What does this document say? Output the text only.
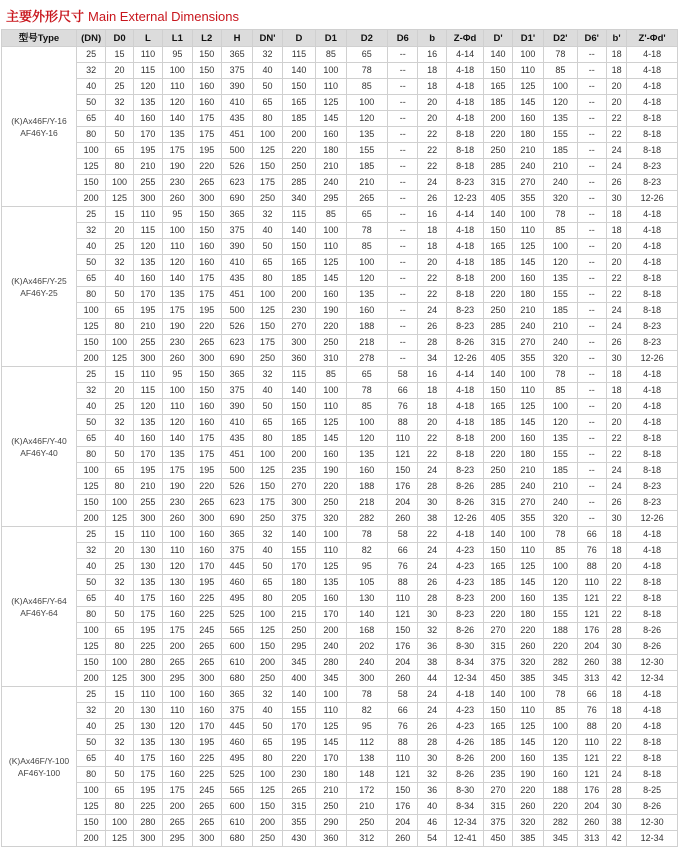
主要外形尺寸 Main External Dimensions
型号Type	(DN)	D0	L	L1	L2	H	DN'	D	D1	D2	D6	b	Z-Φd	D'	D1'	D2'	D6'	b'	Z'-Φd'

(K)Ax46F/Y-16
AF46Y-16	25	15	110	95	150	365	32	115	85	65	--	16	4-14	140	100	78	--	18	4-18
	32	20	115	100	150	375	40	140	100	78	--	18	4-18	150	110	85	--	18	4-18
	40	25	120	110	160	390	50	150	110	85	--	18	4-18	165	125	100	--	20	4-18
	50	32	135	120	160	410	65	165	125	100	--	20	4-18	185	145	120	--	20	4-18
	65	40	160	140	175	435	80	185	145	120	--	20	4-18	200	160	135	--	22	8-18
	80	50	170	135	175	451	100	200	160	135	--	22	8-18	220	180	155	--	22	8-18
	100	65	195	175	195	500	125	220	180	155	--	22	8-18	250	210	185	--	24	8-18
	125	80	210	190	220	526	150	250	210	185	--	22	8-18	285	240	210	--	24	8-23
	150	100	255	230	265	623	175	285	240	210	--	24	8-23	315	270	240	--	26	8-23
	200	125	300	260	300	690	250	340	295	265	--	26	12-23	405	355	320	--	30	12-26

(K)Ax46F/Y-25
AF46Y-25	25	15	110	95	150	365	32	115	85	65	--	16	4-14	140	100	78	--	18	4-18
	32	20	115	100	150	375	40	140	100	78	--	18	4-18	150	110	85	--	18	4-18
	40	25	120	110	160	390	50	150	110	85	--	18	4-18	165	125	100	--	20	4-18
	50	32	135	120	160	410	65	165	125	100	--	20	4-18	185	145	120	--	20	4-18
	65	40	160	140	175	435	80	185	145	120	--	22	8-18	200	160	135	--	22	8-18
	80	50	170	135	175	451	100	200	160	135	--	22	8-18	220	180	155	--	22	8-18
	100	65	195	175	195	500	125	230	190	160	--	24	8-23	250	210	185	--	24	8-18
	125	80	210	190	220	526	150	270	220	188	--	26	8-23	285	240	210	--	24	8-23
	150	100	255	230	265	623	175	300	250	218	--	28	8-26	315	270	240	--	26	8-23
	200	125	300	260	300	690	250	360	310	278	--	34	12-26	405	355	320	--	30	12-26

(K)Ax46F/Y-40
AF46Y-40	25	15	110	95	150	365	32	115	85	65	58	16	4-14	140	100	78	--	18	4-18
	32	20	115	100	150	375	40	140	100	78	66	18	4-18	150	110	85	--	18	4-18
	40	25	120	110	160	390	50	150	110	85	76	18	4-18	165	125	100	--	20	4-18
	50	32	135	120	160	410	65	165	125	100	88	20	4-18	185	145	120	--	20	4-18
	65	40	160	140	175	435	80	185	145	120	110	22	8-18	200	160	135	--	22	8-18
	80	50	170	135	175	451	100	200	160	135	121	22	8-18	220	180	155	--	22	8-18
	100	65	195	175	195	500	125	235	190	160	150	24	8-23	250	210	185	--	24	8-18
	125	80	210	190	220	526	150	270	220	188	176	28	8-26	285	240	210	--	24	8-23
	150	100	255	230	265	623	175	300	250	218	204	30	8-26	315	270	240	--	26	8-23
	200	125	300	260	300	690	250	375	320	282	260	38	12-26	405	355	320	--	30	12-26

(K)Ax46F/Y-64
AF46Y-64	25	15	110	100	160	365	32	140	100	78	58	22	4-18	140	100	78	66	18	4-18
	32	20	130	110	160	375	40	155	110	82	66	24	4-23	150	110	85	76	18	4-18
	40	25	130	120	170	445	50	170	125	95	76	24	4-23	165	125	100	88	20	4-18
	50	32	135	130	195	460	65	180	135	105	88	26	4-23	185	145	120	110	22	8-18
	65	40	175	160	225	495	80	205	160	130	110	28	8-23	200	160	135	121	22	8-18
	80	50	175	160	225	525	100	215	170	140	121	30	8-23	220	180	155	121	22	8-18
	100	65	195	175	245	565	125	250	200	168	150	32	8-26	270	220	188	176	28	8-26
	125	80	225	200	265	600	150	295	240	202	176	36	8-30	315	260	220	204	30	8-26
	150	100	280	265	265	610	200	345	280	240	204	38	8-34	375	320	282	260	38	12-30
	200	125	300	295	300	680	250	400	345	300	260	44	12-34	450	385	345	313	42	12-34

(K)Ax46F/Y-100
AF46Y-100	25	15	110	100	160	365	32	140	100	78	58	24	4-18	140	100	78	66	18	4-18
	32	20	130	110	160	375	40	155	110	82	66	24	4-23	150	110	85	76	18	4-18
	40	25	130	120	170	445	50	170	125	95	76	26	4-23	165	125	100	88	20	4-18
	50	32	135	130	195	460	65	195	145	112	88	28	4-26	185	145	120	110	22	8-18
	65	40	175	160	225	495	80	220	170	138	110	30	8-26	200	160	135	121	22	8-18
	80	50	175	160	225	525	100	230	180	148	121	32	8-26	235	190	160	121	24	8-18
	100	65	195	175	245	565	125	265	210	172	150	36	8-30	270	220	188	176	28	8-25
	125	80	225	200	265	600	150	315	250	210	176	40	8-34	315	260	220	204	30	8-26
	150	100	280	265	265	610	200	355	290	250	204	46	12-34	375	320	282	260	38	12-30
	200	125	300	295	300	680	250	430	360	312	260	54	12-41	450	385	345	313	42	12-34
